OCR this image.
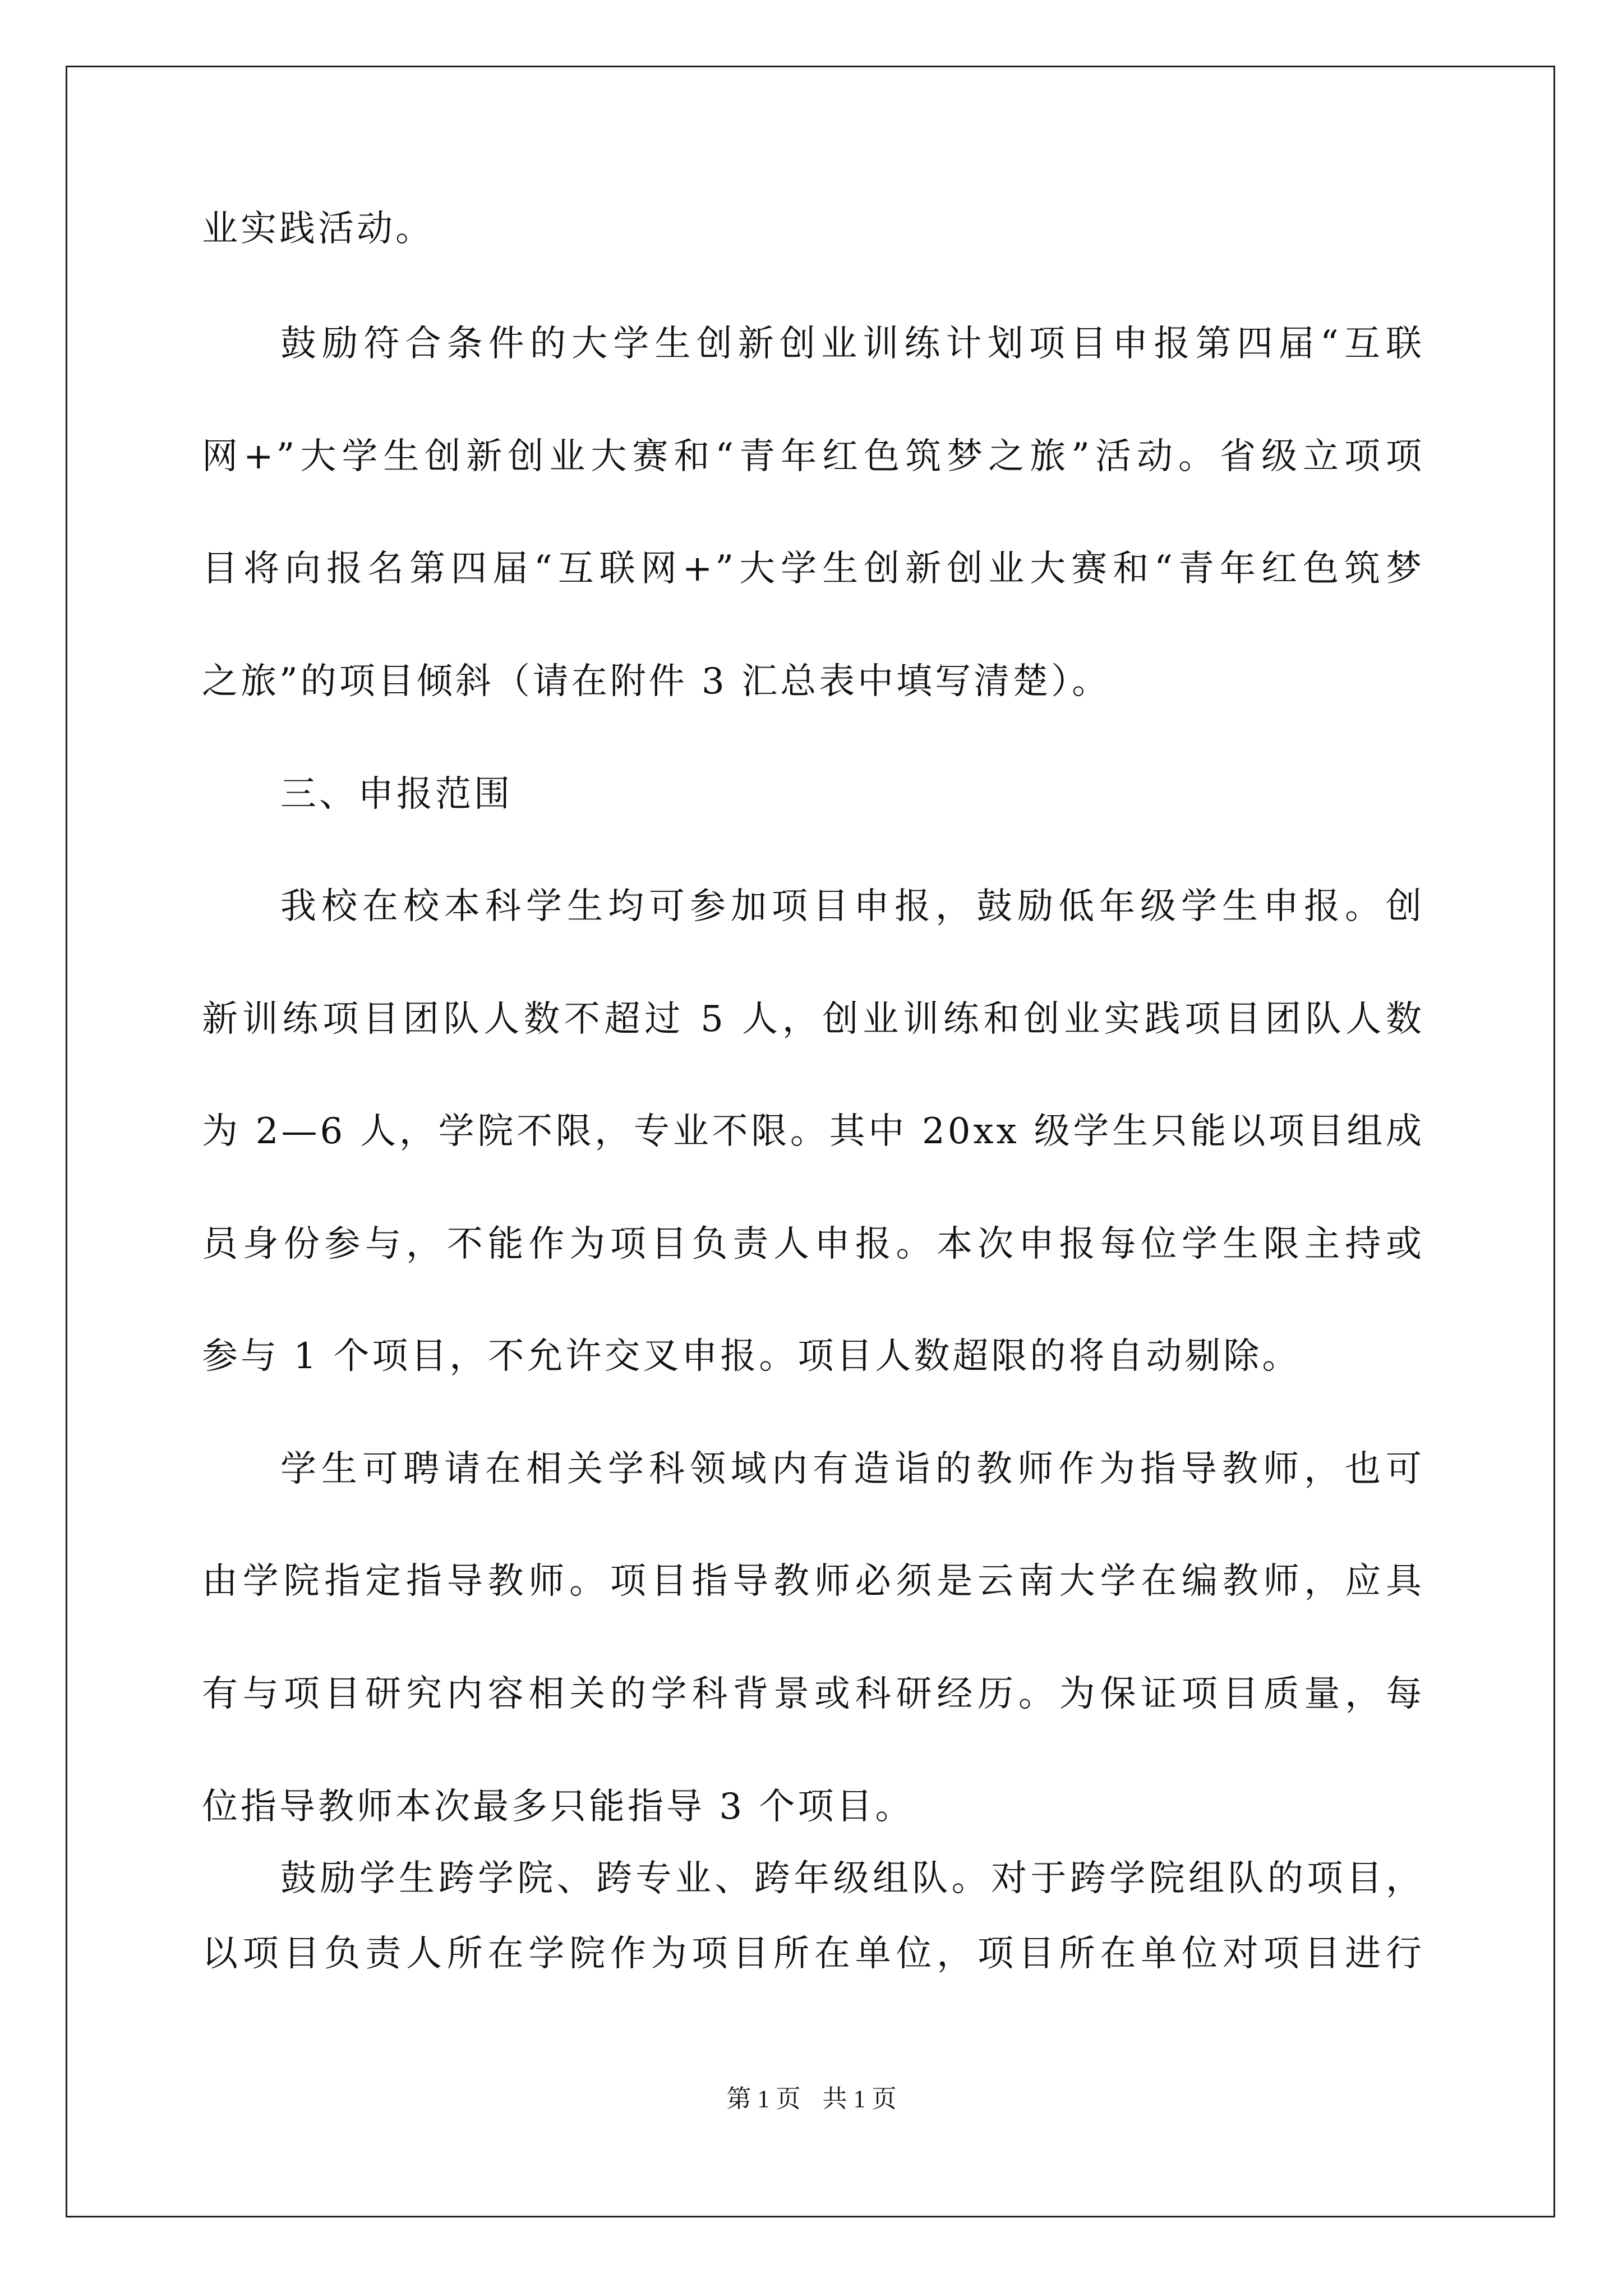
业实践活动。

鼓励符合条件的大学生创新创业训练计划项目申报第四届“互联

网+”大学生创新创业大赛和“青年红色筑梦之旅”活动。省级立项项

目将向报名第四届“互联网+”大学生创新创业大赛和“青年红色筑梦

之旅”的项目倾斜（请在附件 3 汇总表中填写清楚）。

三、申报范围

我校在校本科学生均可参加项目申报，鼓励低年级学生申报。创

新训练项目团队人数不超过 5 人，创业训练和创业实践项目团队人数

为 2—6 人，学院不限，专业不限。其中 20xx 级学生只能以项目组成

员身份参与，不能作为项目负责人申报。本次申报每位学生限主持或

参与 1 个项目，不允许交叉申报。项目人数超限的将自动剔除。

学生可聘请在相关学科领域内有造诣的教师作为指导教师，也可

由学院指定指导教师。项目指导教师必须是云南大学在编教师，应具

有与项目研究内容相关的学科背景或科研经历。为保证项目质量，每

位指导教师本次最多只能指导 3 个项目。

鼓励学生跨学院、跨专业、跨年级组队。对于跨学院组队的项目，

第 1 页 共 1 页

以项目负责人所在学院作为项目所在单位，项目所在单位对项目进行
